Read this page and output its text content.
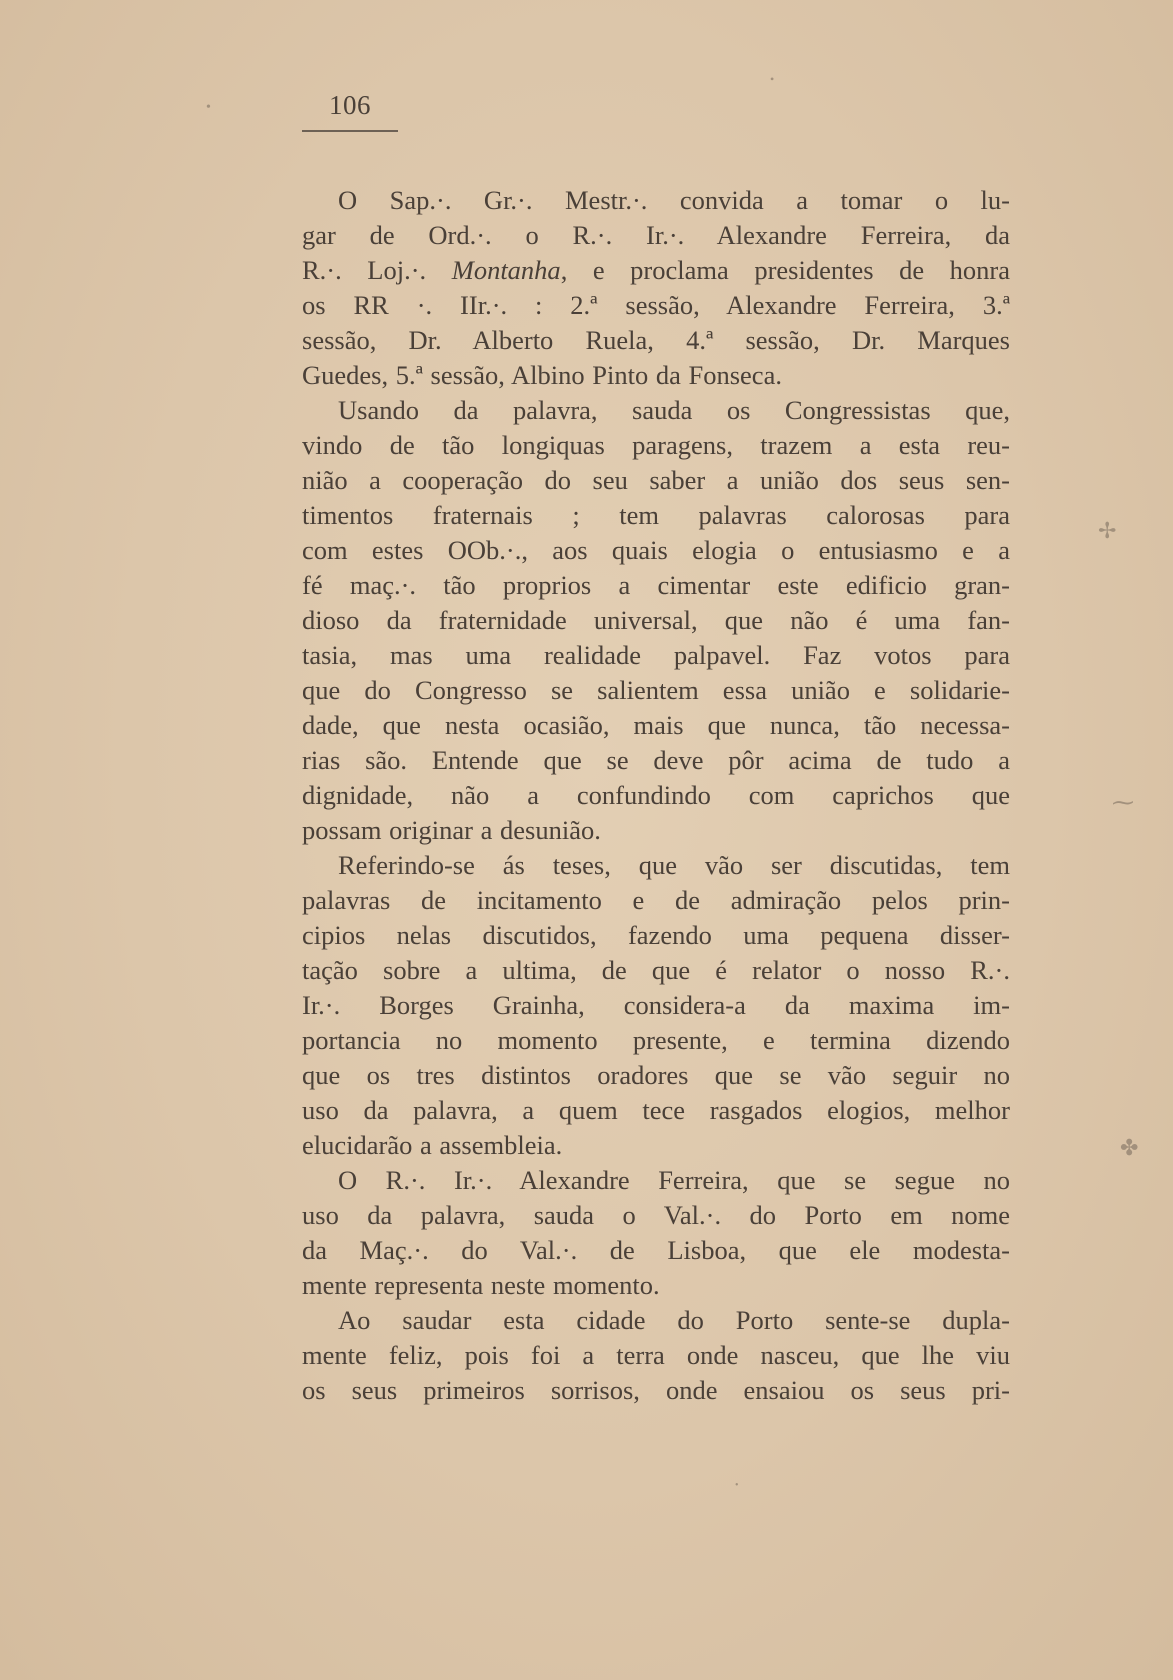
106
O Sap.·. Gr.·. Mestr.·. convida a tomar o lu-
gar de Ord.·. o R.·. Ir.·. Alexandre Ferreira, da
R.·. Loj.·. Montanha, e proclama presidentes de honra
os RR ·. IIr.·. : 2.ª sessão, Alexandre Ferreira, 3.ª
sessão, Dr. Alberto Ruela, 4.ª sessão, Dr. Marques
Guedes, 5.ª sessão, Albino Pinto da Fonseca.
Usando da palavra, sauda os Congressistas que,
vindo de tão longiquas paragens, trazem a esta reu-
nião a cooperação do seu saber a união dos seus sen-
timentos fraternais ; tem palavras calorosas para
com estes OOb.·., aos quais elogia o entusiasmo e a
fé maç.·. tão proprios a cimentar este edificio gran-
dioso da fraternidade universal, que não é uma fan-
tasia, mas uma realidade palpavel. Faz votos para
que do Congresso se salientem essa união e solidarie-
dade, que nesta ocasião, mais que nunca, tão necessa-
rias são. Entende que se deve pôr acima de tudo a
dignidade, não a confundindo com caprichos que
possam originar a desunião.
Referindo-se ás teses, que vão ser discutidas, tem
palavras de incitamento e de admiração pelos prin-
cipios nelas discutidos, fazendo uma pequena disser-
tação sobre a ultima, de que é relator o nosso R.·.
Ir.·. Borges Grainha, considera-a da maxima im-
portancia no momento presente, e termina dizendo
que os tres distintos oradores que se vão seguir no
uso da palavra, a quem tece rasgados elogios, melhor
elucidarão a assembleia.
O R.·. Ir.·. Alexandre Ferreira, que se segue no
uso da palavra, sauda o Val.·. do Porto em nome
da Maç.·. do Val.·. de Lisboa, que ele modesta-
mente representa neste momento.
Ao saudar esta cidade do Porto sente-se dupla-
mente feliz, pois foi a terra onde nasceu, que lhe viu
os seus primeiros sorrisos, onde ensaiou os seus pri-
✢
⁓
✤
•
•
•
